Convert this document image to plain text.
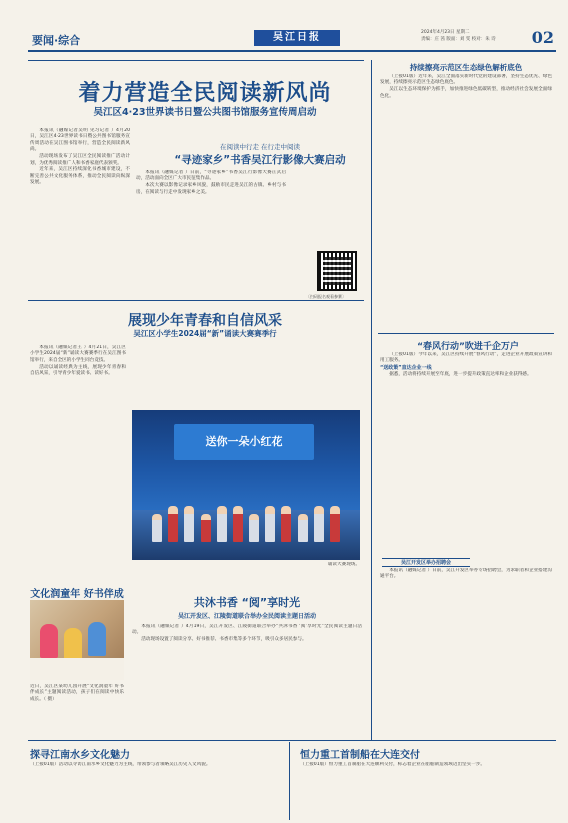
要闻·综合	吴江日报	2024年4月23日 星期二
责编：庄 茜 版面：刘 雯 校对：朱 诗	02
着力营造全民阅读新风尚
吴江区4·23世界读书日暨公共图书馆服务宣传周启动

本报讯（融媒记者吴明 见习记者 ）4月20日，吴江区4·23世界读书日暨公共图书馆服务宣传周活动在吴江图书馆举行，营造全民阅读新风尚。

活动现场发布了吴江区全民阅读推广活动计划，为优秀阅读推广人和书香家庭代表颁奖。

近年来，吴江区持续深化书香城市建设，不断完善公共文化服务体系，推动全民阅读向纵深发展。

在阅读中行走 在行走中阅读
“寻迹家乡”书香吴江行影像大赛启动

本报讯（融媒记者 ）日前，“寻迹家乡”书香吴江行影像大赛正式启动，活动面向全区广大市民征集作品。

本次大赛以影像记录家乡风貌，鼓励市民走进吴江的古镇、乡村与书房，在阅读与行走中发现家乡之美。

〔扫码报名观看参赛〕
持续擦亮示范区生态绿色解析底色

（上接01版）近年来，吴江全面落实新时代党的建设部署，坚持生态优先、绿色发展，持续擦亮示范区生态绿色底色。

吴江以生态环境保护为抓手，加快推进绿色低碳转型，推动经济社会发展全面绿色化。

展现少年青春和自信风采
吴江区小学生2024届“新”诵读大赛赛季行

本报讯（融媒记者王 ）4月21日，吴江区小学生2024届“新”诵读大赛赛季行在吴江图书馆举行，来自全区的小学生同台竞技。

活动以诵读经典为主线，展现少年青春和自信风采，引导青少年爱读书、读好书。

送你一朵小红花
诵读大赛现场。
文化润童年 好书伴成
近日，吴江区某幼儿园开展“文化润童年 好书伴成长”主题阅读活动，孩子们在阅读中快乐成长。（ 摄）
共沐书香 “阅”享时光
吴江开发区、江陵街道联合举办全民阅读主题日活动

本报讯（融媒记者 ）4月19日，吴江开发区、江陵街道联合举办“共沐书香 ‘阅’享时光”全民阅读主题日活动。

活动现场设置了阅读分享、好书推荐、书香市集等多个环节，吸引众多居民参与。

“春风行动”吹进千企万户

（上接01版）今年以来，吴江区持续开展“春风行动”，走进企业开展政策宣讲和用工服务。

“送政策”直达企业一线

据悉，活动将持续开展至年底，进一步提升政策直达率和企业获得感。

吴江开发区举办招聘会

本报讯（融媒记者 ）日前，吴江开发区举办专场招聘会，为求职者和企业搭建沟通平台。

探寻江南水乡文化魅力
（上接01版）活动以寻访江南水乡文化魅力为主线，带领参与者领略吴江历史人文风貌。
恒力重工首制船在大连交付
（上接01版）恒力重工首制船在大连顺利交付，标志着企业在船舶制造领域迈出坚实一步。
